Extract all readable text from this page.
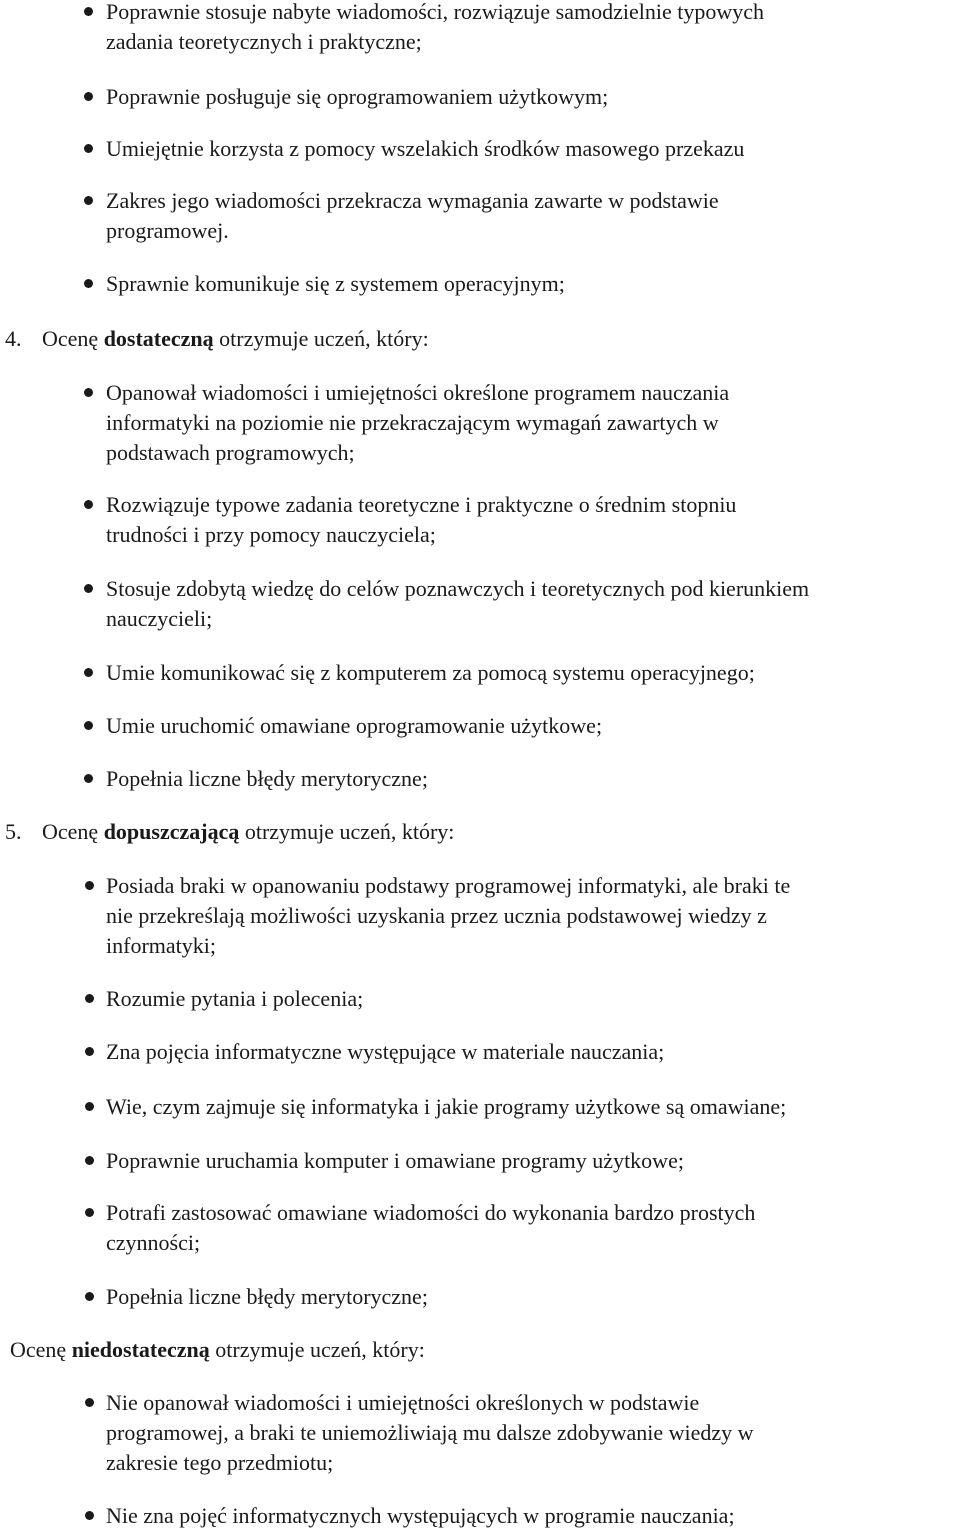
Poprawnie stosuje nabyte wiadomości, rozwiązuje samodzielnie typowych
zadania teoretycznych i praktyczne;
Poprawnie posługuje się oprogramowaniem użytkowym;
Umiejętnie korzysta z pomocy wszelakich środków masowego przekazu
Zakres jego wiadomości przekracza wymagania zawarte w podstawie
programowej.
Sprawnie komunikuje się z systemem operacyjnym;
4. Ocenę dostateczną otrzymuje uczeń, który:
Opanował wiadomości i umiejętności określone programem nauczania
informatyki na poziomie nie przekraczającym wymagań zawartych w
podstawach programowych;
Rozwiązuje typowe zadania teoretyczne i praktyczne o średnim stopniu
trudności i przy pomocy nauczyciela;
Stosuje zdobytą wiedzę do celów poznawczych i teoretycznych pod kierunkiem
nauczycieli;
Umie komunikować się z komputerem za pomocą systemu operacyjnego;
Umie uruchomić omawiane oprogramowanie użytkowe;
Popełnia liczne błędy merytoryczne;
5. Ocenę dopuszczającą otrzymuje uczeń, który:
Posiada braki w opanowaniu podstawy programowej informatyki, ale braki te
nie przekreślają możliwości uzyskania przez ucznia podstawowej wiedzy z
informatyki;
Rozumie pytania i polecenia;
Zna pojęcia informatyczne występujące w materiale nauczania;
Wie, czym zajmuje się informatyka i jakie programy użytkowe są omawiane;
Poprawnie uruchamia komputer i omawiane programy użytkowe;
Potrafi zastosować omawiane wiadomości do wykonania bardzo prostych
czynności;
Popełnia liczne błędy merytoryczne;
Ocenę niedostateczną otrzymuje uczeń, który:
Nie opanował wiadomości i umiejętności określonych w podstawie
programowej, a braki te uniemożliwiają mu dalsze zdobywanie wiedzy w
zakresie tego przedmiotu;
Nie zna pojęć informatycznych występujących w programie nauczania;
